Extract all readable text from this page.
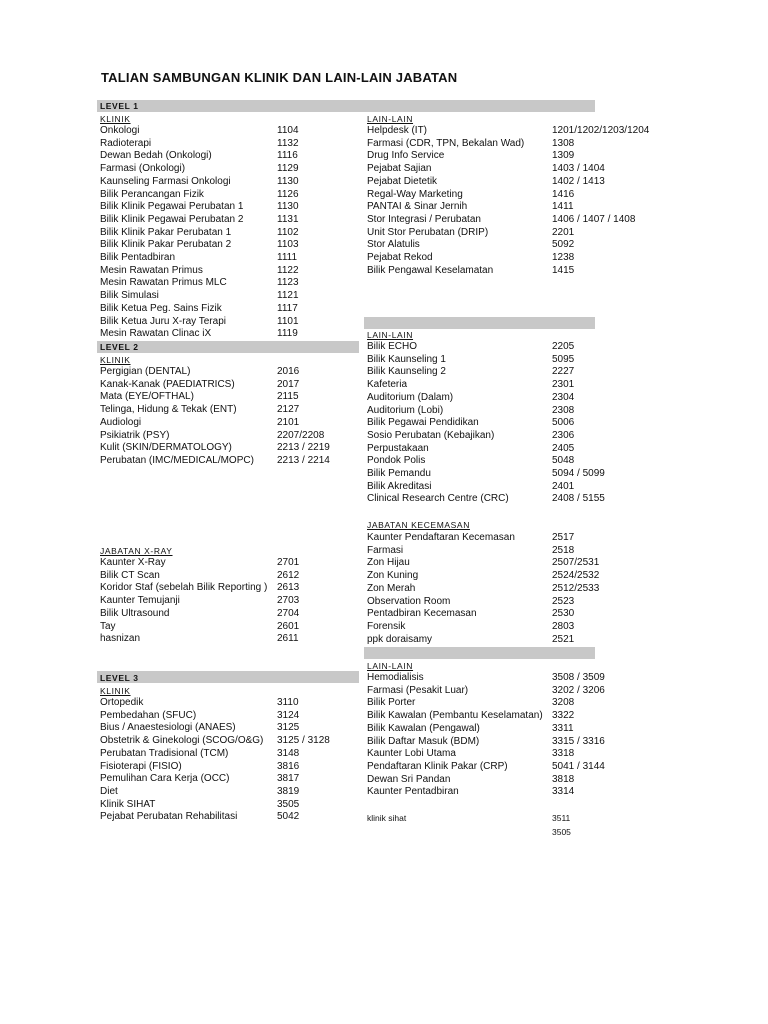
TALIAN SAMBUNGAN KLINIK DAN LAIN-LAIN JABATAN
LEVEL 1
KLINIK	LAIN-LAIN
LAIN-LAIN
LEVEL 2
KLINIK
JABATAN KECEMASAN
JABATAN X-RAY
LAIN-LAIN
LEVEL 3
KLINIK
Onkologi	1104
Radioterapi	1132
Dewan Bedah (Onkologi)	1116
Farmasi (Onkologi)	1129
Kaunseling Farmasi Onkologi	1130
Bilik Perancangan Fizik	1126
Bilik Klinik Pegawai Perubatan 1	1130
Bilik Klinik Pegawai Perubatan 2	1131
Bilik Klinik Pakar Perubatan 1	1102
Bilik Klinik Pakar Perubatan 2	1103
Bilik Pentadbiran	1111
Mesin Rawatan Primus	1122
Mesin Rawatan Primus MLC	1123
Bilik Simulasi	1121
Bilik Ketua Peg. Sains Fizik	1117
Bilik Ketua Juru X-ray Terapi	1101
Mesin Rawatan Clinac iX	1119
Pergigian (DENTAL)	2016
Kanak-Kanak (PAEDIATRICS)	2017
Mata (EYE/OFTHAL)	2115
Telinga, Hidung & Tekak (ENT)	2127
Audiologi	2101
Psikiatrik (PSY)	2207/2208
Kulit (SKIN/DERMATOLOGY)	2213 / 2219
Perubatan (IMC/MEDICAL/MOPC) 2213 / 2214
Kaunter X-Ray	2701
Bilik CT Scan	2612
Koridor Staf (sebelah Bilik Reporting ) 2613
Kaunter Temujanji	2703
Bilik Ultrasound	2704
Tay	2601
hasnizan	2611
Ortopedik	3110
Pembedahan (SFUC)	3124
Bius / Anaestesiologi (ANAES)	3125
Obstetrik & Ginekologi (SCOG/O&G) 3125 / 3128
Perubatan Tradisional (TCM)	3148
Fisioterapi (FISIO)	3816
Pemulihan Cara Kerja (OCC)	3817
Diet	3819
Klinik SIHAT	3505
Pejabat Perubatan Rehabilitasi	5042
Helpdesk (IT)	1201/1202/1203/1204
Farmasi (CDR, TPN, Bekalan Wad)	1308
Drug Info Service	1309
Pejabat Sajian	1403 / 1404
Pejabat Dietetik	1402 / 1413
Regal-Way Marketing	1416
PANTAI & Sinar Jernih	1411
Stor Integrasi / Perubatan	1406 / 1407 / 1408
Unit Stor Perubatan (DRIP)	2201
Stor Alatulis	5092
Pejabat Rekod	1238
Bilik Pengawal Keselamatan	1415
Bilik ECHO	2205
Bilik Kaunseling 1	5095
Bilik Kaunseling 2	2227
Kafeteria	2301
Auditorium (Dalam)	2304
Auditorium (Lobi)	2308
Bilik Pegawai Pendidikan	5006
Sosio Perubatan (Kebajikan)	2306
Perpustakaan	2405
Pondok Polis	5048
Bilik Pemandu	5094 / 5099
Bilik Akreditasi	2401
Clinical Research Centre (CRC)	2408 / 5155
Kaunter Pendaftaran Kecemasan	2517
Farmasi	2518
Zon Hijau	2507/2531
Zon Kuning	2524/2532
Zon Merah	2512/2533
Observation Room	2523
Pentadbiran Kecemasan	2530
Forensik	2803
ppk doraisamy	2521
Hemodialisis	3508 / 3509
Farmasi (Pesakit Luar)	3202 / 3206
Bilik Porter	3208
Bilik Kawalan (Pembantu Keselamatan) 3322
Bilik Kawalan (Pengawal)	3311
Bilik Daftar Masuk (BDM)	3315 / 3316
Kaunter Lobi Utama	3318
Pendaftaran Klinik Pakar (CRP)	5041 / 3144
Dewan Sri Pandan	3818
Kaunter Pentadbiran	3314
klinik sihat	3511
3505
